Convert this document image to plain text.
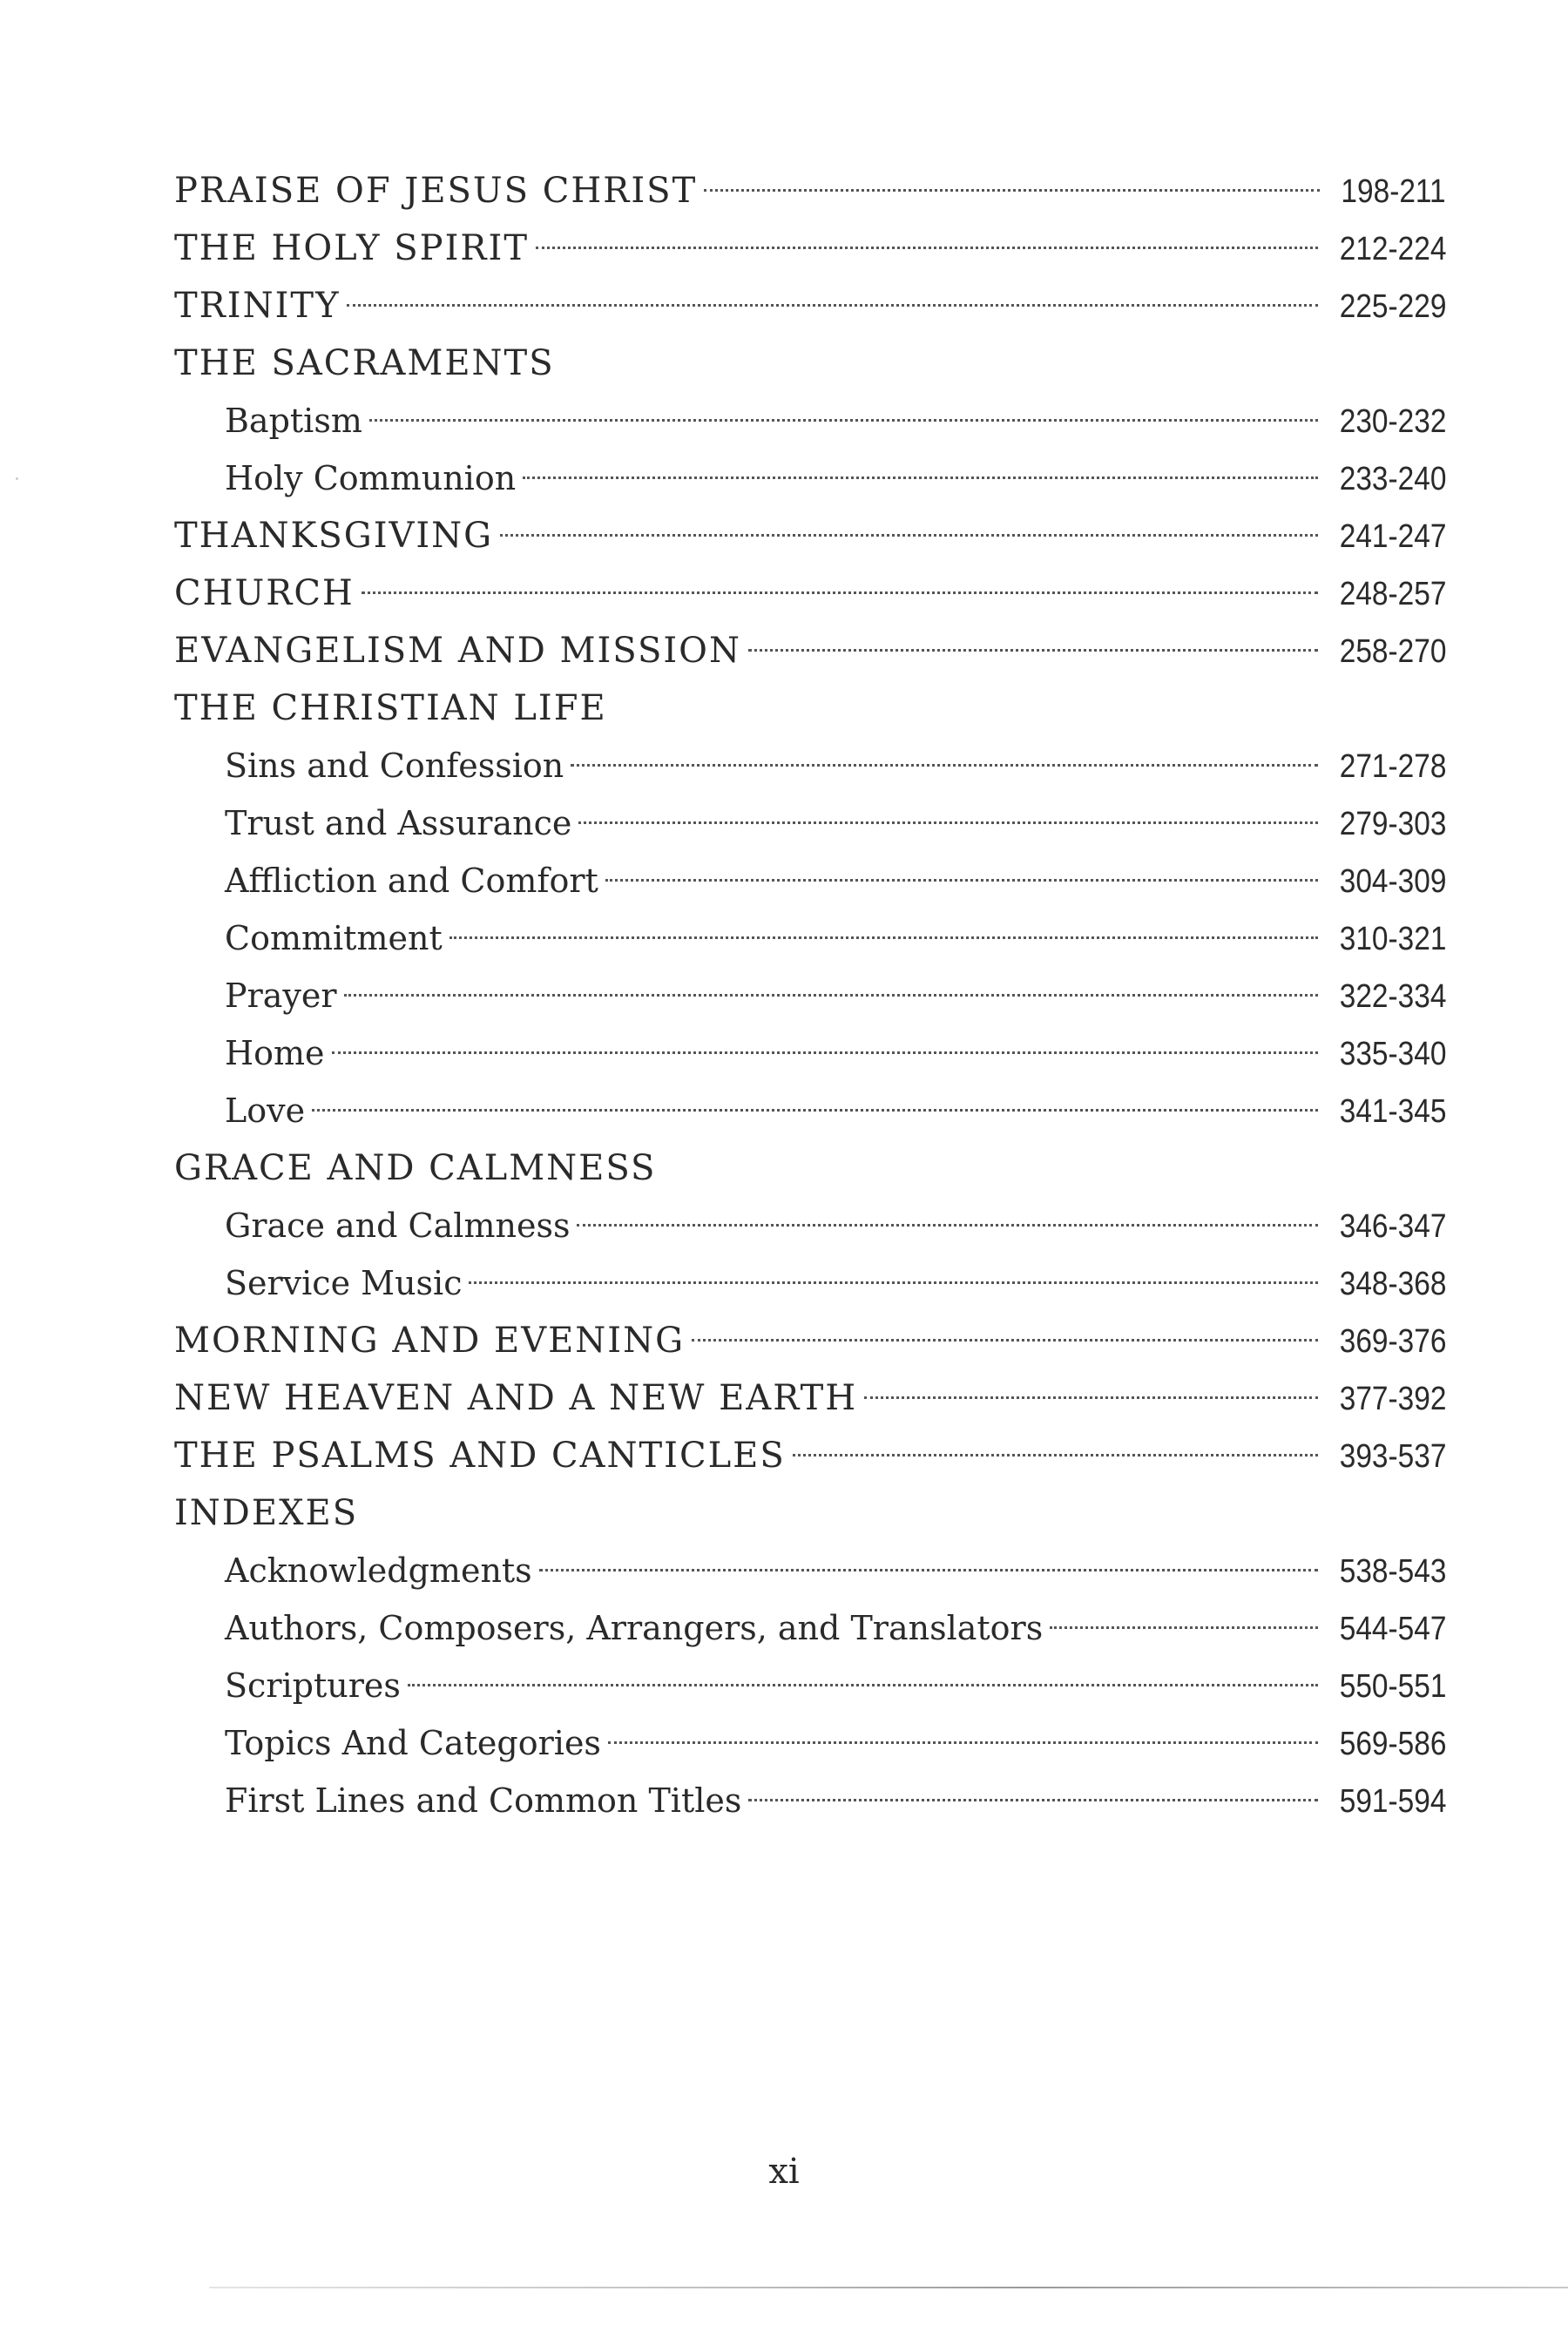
PRAISE OF JESUS CHRIST	198-211
THE HOLY SPIRIT	212-224
TRINITY	225-229
THE SACRAMENTS
Baptism	230-232
Holy Communion	233-240
THANKSGIVING	241-247
CHURCH	248-257
EVANGELISM AND MISSION	258-270
THE CHRISTIAN LIFE
Sins and Confession	271-278
Trust and Assurance	279-303
Affliction and Comfort	304-309
Commitment	310-321
Prayer	322-334
Home	335-340
Love	341-345
GRACE AND CALMNESS
Grace and Calmness	346-347
Service Music	348-368
MORNING AND EVENING	369-376
NEW HEAVEN AND A NEW EARTH	377-392
THE PSALMS AND CANTICLES	393-537
INDEXES
Acknowledgments	538-543
Authors, Composers, Arrangers, and Translators	544-547
Scriptures	550-551
Topics And Categories	569-586
First Lines and Common Titles	591-594
xi
